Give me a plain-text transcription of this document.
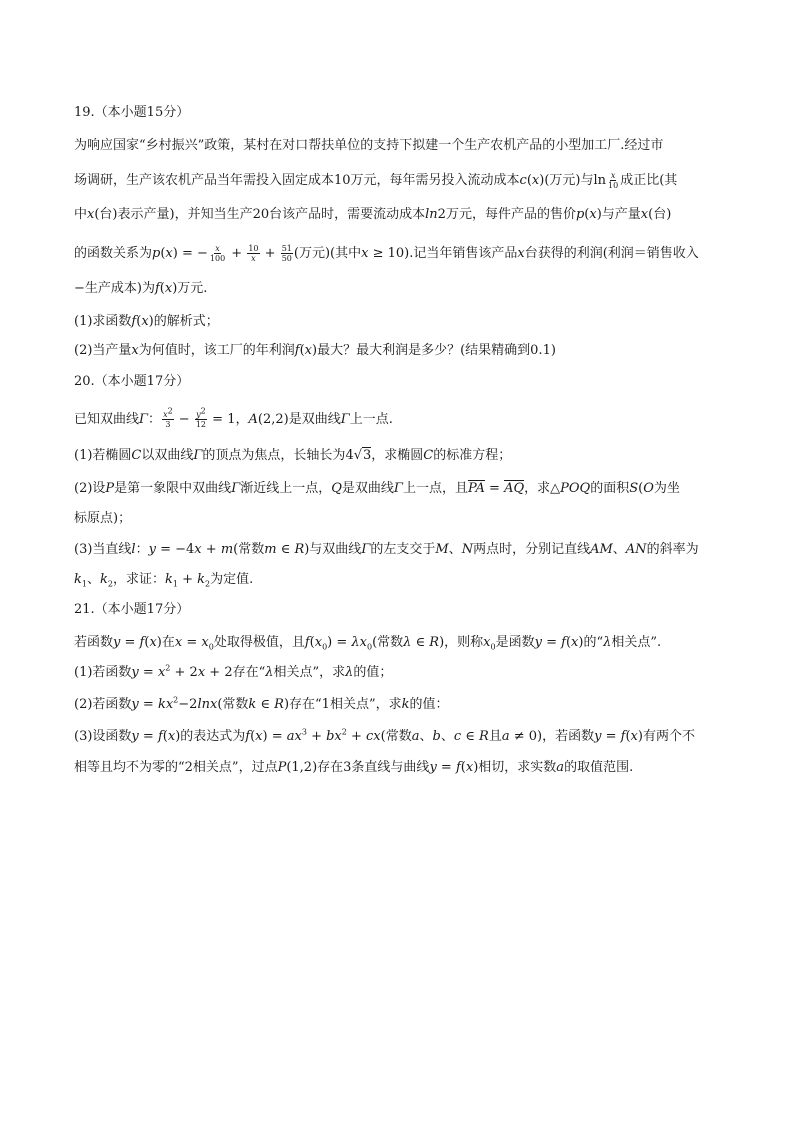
19.（本小题15分）
为响应国家“乡村振兴”政策，某村在对口帮扶单位的支持下拟建一个生产农机产品的小型加工厂.经过市
场调研，生产该农机产品当年需投入固定成本10万元，每年需另投入流动成本c(x)(万元)与$\ln \frac{x}{10}$ 成正比(其
中x(台)表示产量)，并知当生产20台该产品时，需要流动成本ln2万元，每件产品的售价p(x)与产量x(台)
的函数关系为p(x) = − $\frac{x}{100} + \frac{10}{x} + \frac{51}{50}$ (万元)(其中x ≥ 10).记当年销售该产品x台获得的利润(利润＝销售收入
−生产成本)为f(x)万元.
(1)求函数f(x)的解析式；
(2)当产量x为何值时，该工厂的年利润f(x)最大？最大利润是多少？(结果精确到0.1)
20.（本小题17分）
已知双曲线Γ： $\frac{x^2}{3} - \frac{y^2}{12} = 1$，A(2,2)是双曲线Γ上一点.
(1)若椭圆C以双曲线Γ的顶点为焦点，长轴长为4√3，求椭圆C的标准方程；
(2)设P是第一象限中双曲线Γ渐近线上一点，Q是双曲线Γ上一点，且PA = AQ，求△POQ的面积S(O为坐
标原点)；
(3)当直线l：y = −4x + m(常数m ∈ R)与双曲线Γ的左支交于M、N两点时，分别记直线AM、AN的斜率为
$k_1$、$k_2$，求证：$k_1 + k_2$为定值.
21.（本小题17分）
若函数y = f(x)在$x = x_0$处取得极值，且$f(x_0) = \lambda x_0$(常数λ ∈ R)，则称$x_0$是函数y = f(x)的“λ相关点”.
(1)若函数$y = x^2 + 2x + 2$存在“λ相关点”，求λ的值；
(2)若函数$y = kx^2-2\ln x$(常数k ∈ R)存在“1相关点”，求k的值：
(3)设函数y = f(x)的表达式为$f(x) = ax^3 + bx^2 + cx$(常数a、b、c ∈ R且a ≠ 0)，若函数y = f(x)有两个不
相等且均不为零的“2相关点”，过点P(1,2)存在3条直线与曲线y = f(x)相切，求实数a的取值范围.
